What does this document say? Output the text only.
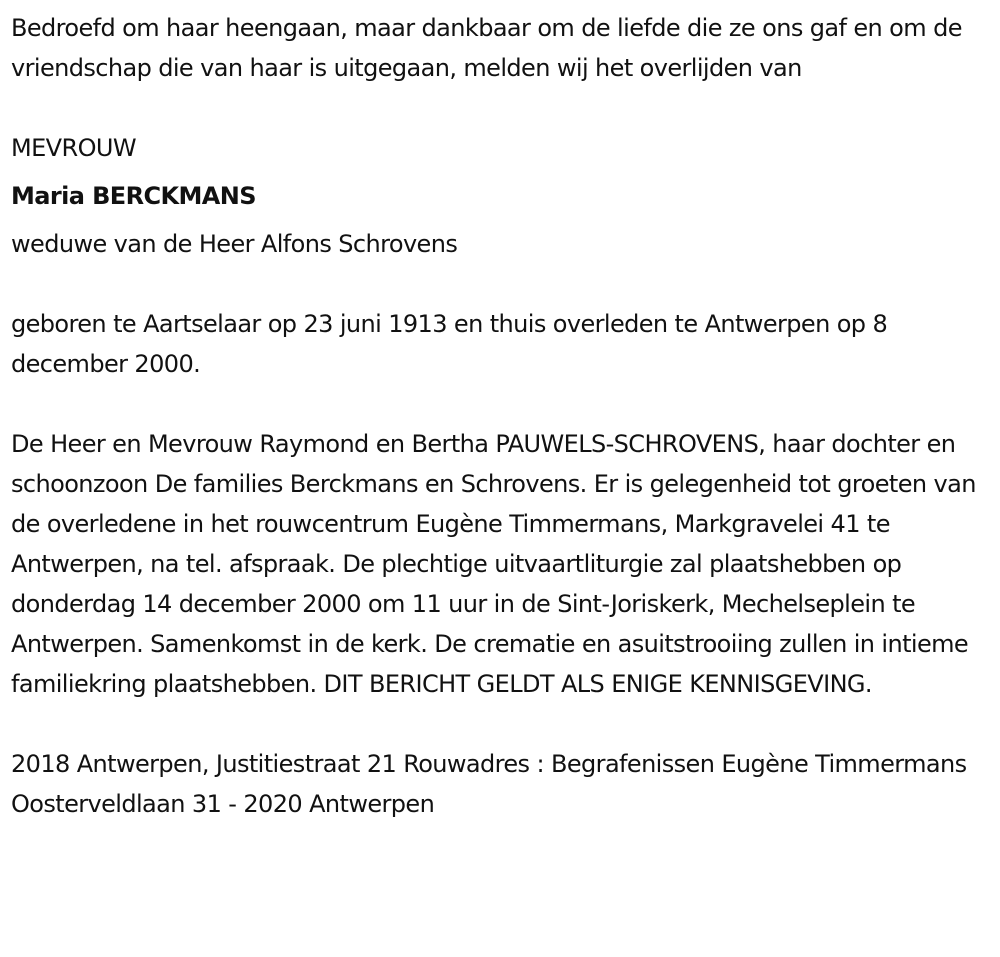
Bedroefd om haar heengaan, maar dankbaar om de liefde die ze ons gaf en om de vriendschap die van haar is uitgegaan, melden wij het overlijden van

MEVROUW

Maria BERCKMANS

weduwe van de Heer Alfons Schrovens

geboren te Aartselaar op 23 juni 1913 en thuis overleden te Antwerpen op 8 december 2000.

De Heer en Mevrouw Raymond en Bertha PAUWELS-SCHROVENS, haar dochter en schoonzoon De families Berckmans en Schrovens. Er is gelegenheid tot groeten van de overledene in het rouwcentrum Eugène Timmermans, Markgravelei 41 te Antwerpen, na tel. afspraak. De plechtige uitvaartliturgie zal plaatshebben op donderdag 14 december 2000 om 11 uur in de Sint-Joriskerk, Mechelseplein te Antwerpen. Samenkomst in de kerk. De crematie en asuitstrooiing zullen in intieme familiekring plaatshebben. DIT BERICHT GELDT ALS ENIGE KENNISGEVING.

2018 Antwerpen, Justitiestraat 21 Rouwadres : Begrafenissen Eugène Timmermans Oosterveldlaan 31 - 2020 Antwerpen
